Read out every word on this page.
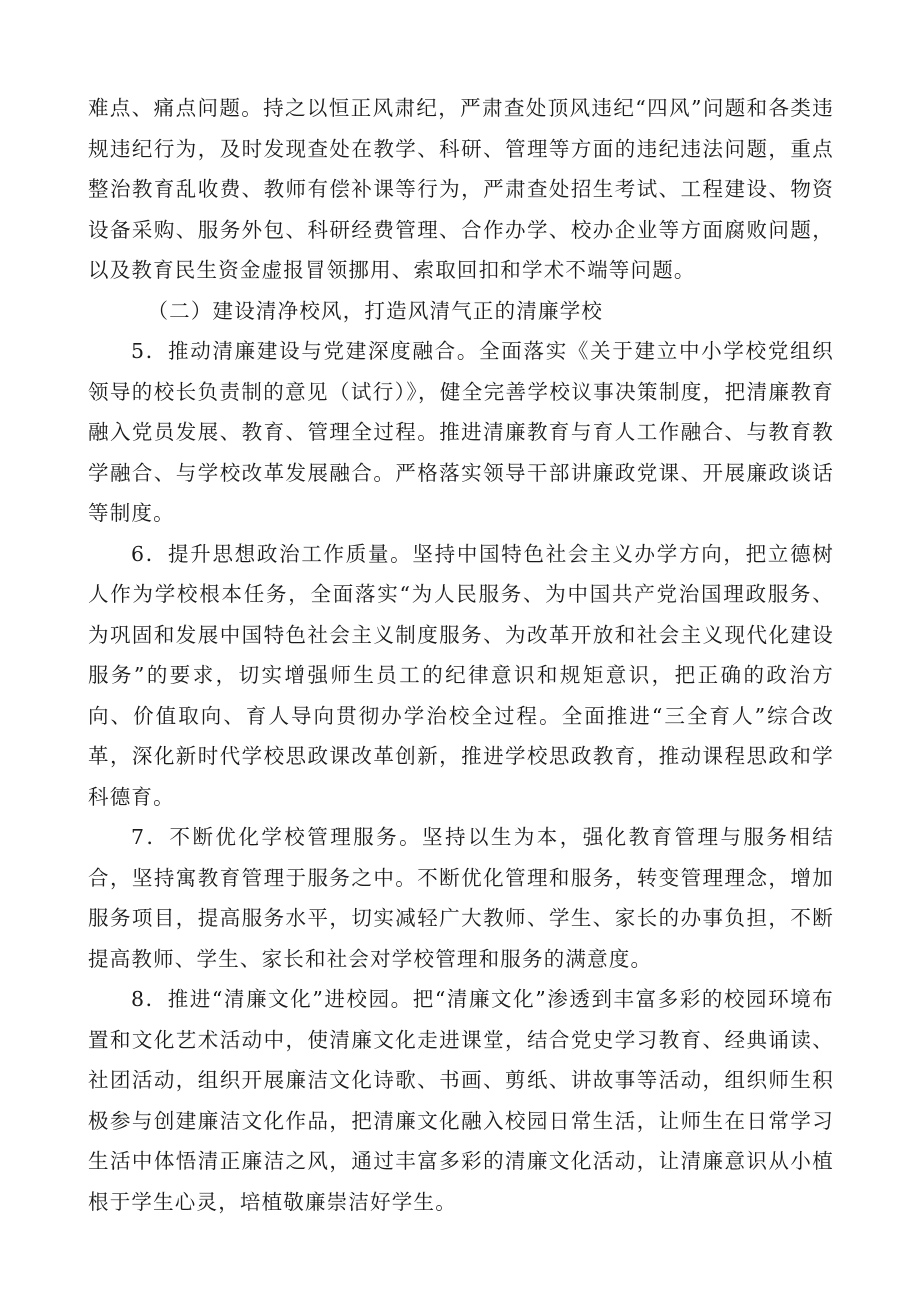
难点、痛点问题。持之以恒正风肃纪，严肃查处顶风违纪“四风”问题和各类违规违纪行为，及时发现查处在教学、科研、管理等方面的违纪违法问题，重点整治教育乱收费、教师有偿补课等行为，严肃查处招生考试、工程建设、物资设备采购、服务外包、科研经费管理、合作办学、校办企业等方面腐败问题，以及教育民生资金虚报冒领挪用、索取回扣和学术不端等问题。

（二）建设清净校风，打造风清气正的清廉学校

5．推动清廉建设与党建深度融合。全面落实《关于建立中小学校党组织领导的校长负责制的意见（试行）》，健全完善学校议事决策制度，把清廉教育融入党员发展、教育、管理全过程。推进清廉教育与育人工作融合、与教育教学融合、与学校改革发展融合。严格落实领导干部讲廉政党课、开展廉政谈话等制度。

6．提升思想政治工作质量。坚持中国特色社会主义办学方向，把立德树人作为学校根本任务，全面落实“为人民服务、为中国共产党治国理政服务、为巩固和发展中国特色社会主义制度服务、为改革开放和社会主义现代化建设服务”的要求，切实增强师生员工的纪律意识和规矩意识，把正确的政治方向、价值取向、育人导向贯彻办学治校全过程。全面推进“三全育人”综合改革，深化新时代学校思政课改革创新，推进学校思政教育，推动课程思政和学科德育。

7．不断优化学校管理服务。坚持以生为本，强化教育管理与服务相结合，坚持寓教育管理于服务之中。不断优化管理和服务，转变管理理念，增加服务项目，提高服务水平，切实减轻广大教师、学生、家长的办事负担，不断提高教师、学生、家长和社会对学校管理和服务的满意度。

8．推进“清廉文化”进校园。把“清廉文化”渗透到丰富多彩的校园环境布置和文化艺术活动中，使清廉文化走进课堂，结合党史学习教育、经典诵读、社团活动，组织开展廉洁文化诗歌、书画、剪纸、讲故事等活动，组织师生积极参与创建廉洁文化作品，把清廉文化融入校园日常生活，让师生在日常学习生活中体悟清正廉洁之风，通过丰富多彩的清廉文化活动，让清廉意识从小植根于学生心灵，培植敬廉崇洁好学生。
